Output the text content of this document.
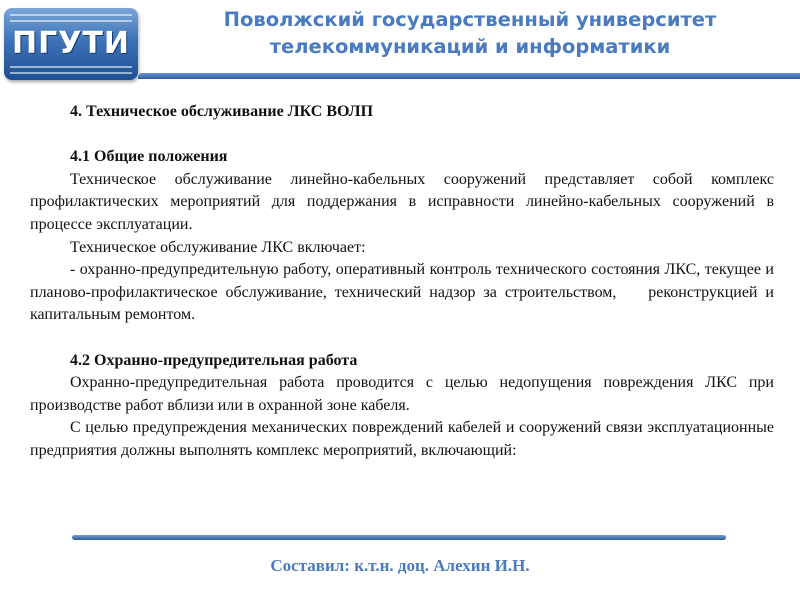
ПГУТИ
Поволжский государственный университет
телекоммуникаций и информатики

4. Техническое обслуживание ЛКС ВОЛП

4.1 Общие положения

Техническое обслуживание линейно-кабельных сооружений представляет собой комплекс профилактических мероприятий для поддержания в исправности линейно-кабельных сооружений в процессе эксплуатации.

Техническое обслуживание ЛКС включает:

- охранно-предупредительную работу, оперативный контроль технического состояния ЛКС, текущее и планово-профилактическое обслуживание, технический надзор за строительством,    реконструкцией и капитальным ремонтом.

4.2 Охранно-предупредительная работа

Охранно-предупредительная работа проводится с целью недопущения повреждения ЛКС при производстве работ вблизи или в охранной зоне кабеля.

С целью предупреждения механических повреждений кабелей и сооружений связи эксплуатационные предприятия должны выполнять комплекс мероприятий, включающий:

Составил: к.т.н. доц. Алехин И.Н.
